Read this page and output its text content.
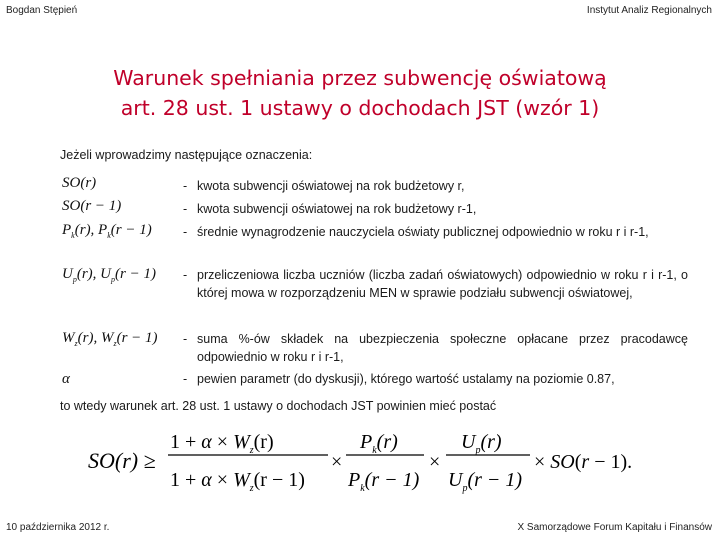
Bogdan Stępień	Instytut Analiz Regionalnych
Warunek spełniania przez subwencję oświatową
art. 28 ust. 1 ustawy o dochodach JST (wzór 1)
Jeżeli wprowadzimy następujące oznaczenia:
SO(r)
SO(r − 1)
$P_k(r)$, $P_k(r - 1)$
$U_p(r)$, $U_p(r - 1)$
$W_z(r)$, $W_z(r - 1)$
α
- kwota subwencji oświatowej na rok budżetowy r,
- kwota subwencji oświatowej na rok budżetowy r-1,
- średnie wynagrodzenie nauczyciela oświaty publicznej odpowiednio w roku r i r-1,
- przeliczeniowa liczba uczniów (liczba zadań oświatowych) odpowiednio w roku r i r-1, o której mowa w rozporządzeniu MEN w sprawie podziału subwencji oświatowej,
- suma %-ów składek na ubezpieczenia społeczne opłacane przez pracodawcę odpowiednio w roku r i r-1,
- pewien parametr (do dyskusji), którego wartość ustalamy na poziomie 0.87,
to wtedy warunek art. 28 ust. 1 ustawy o dochodach JST powinien mieć postać
SO(r) ≥
$1 + \alpha \times W_z(r)$
$1 + \alpha \times W_z(r - 1)$
×
$P_k(r)$
$P_k(r - 1)$
×
$U_p(r)$
$U_p(r - 1)$
× SO(r − 1).
10 października 2012 r.	X Samorządowe Forum Kapitału i Finansów
